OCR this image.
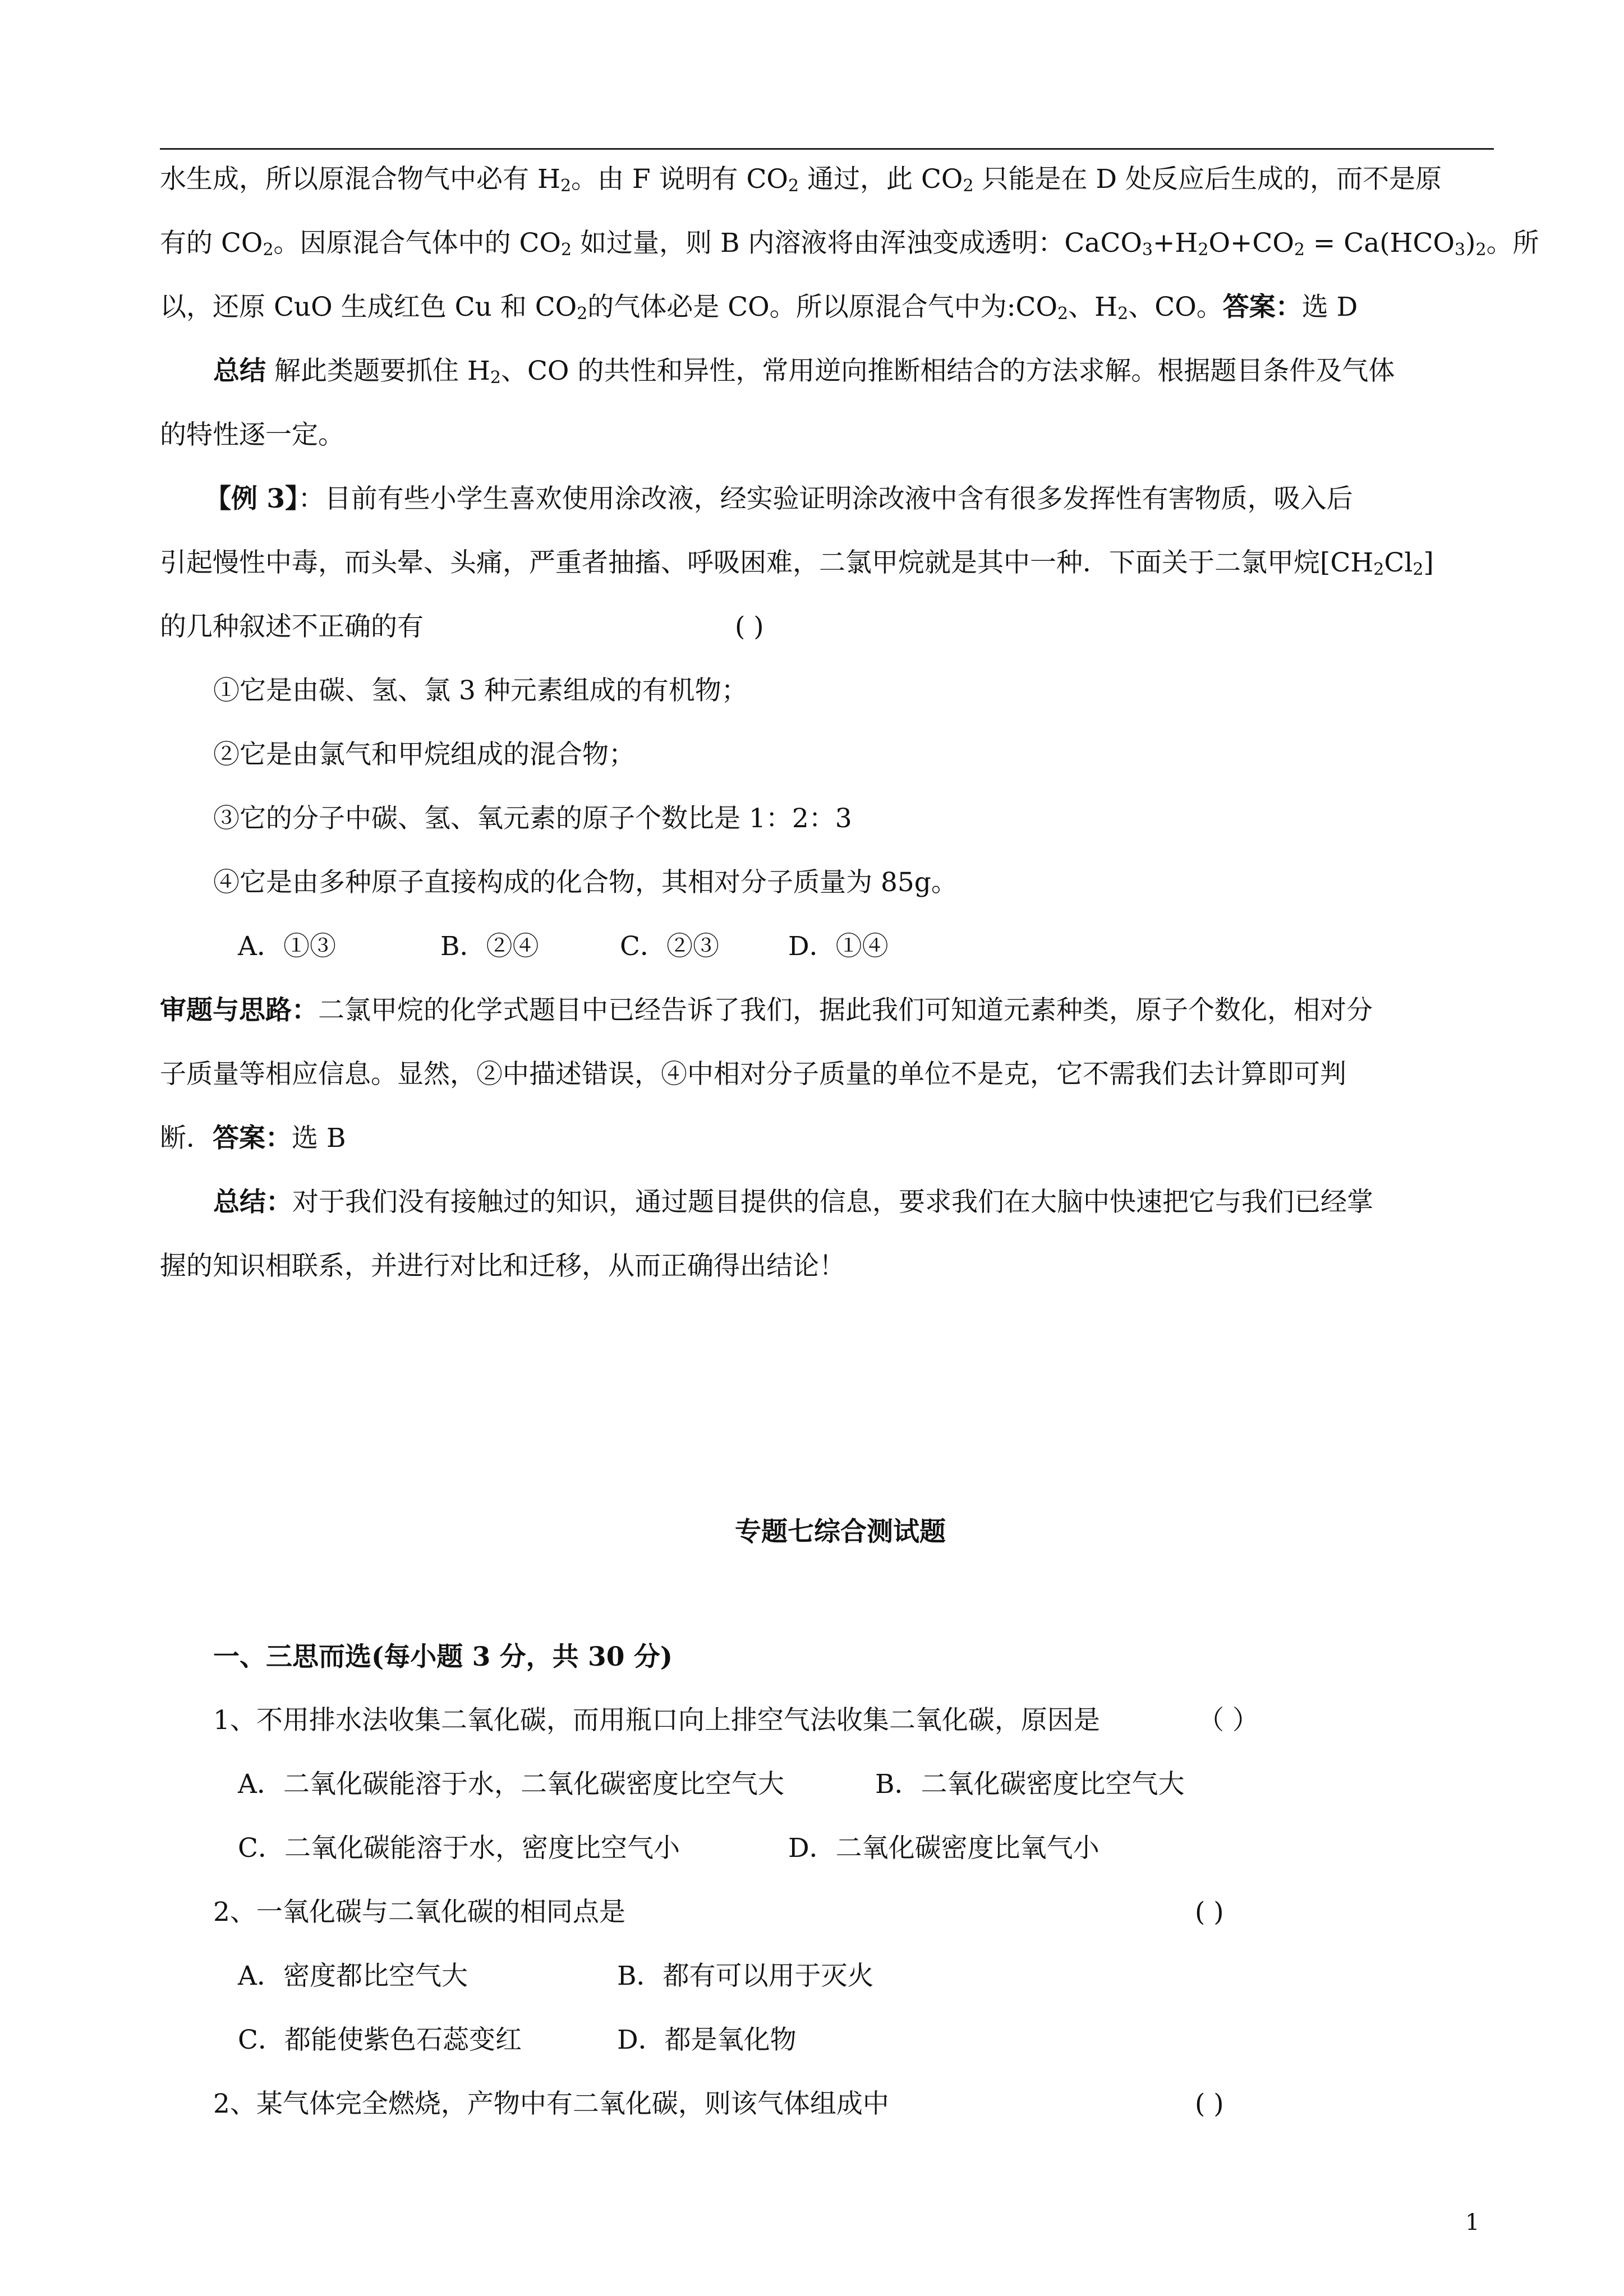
水生成，所以原混合物气中必有 $H_2$。由 F 说明有 $CO_2$ 通过，此 $CO_2$ 只能是在 D 处反应后生成的，而不是原
有的 $CO_2$。因原混合气体中的 $CO_2$ 如过量，则 B 内溶液将由浑浊变成透明：$CaCO_3+H_2O+CO_2 = Ca(HCO_3)_2$。所
以，还原 CuO 生成红色 Cu 和 $CO_2$的气体必是 CO。所以原混合气中为$:CO_2$、$H_2$、CO。答案：选 D
总结 解此类题要抓住 $H_2$、CO 的共性和异性，常用逆向推断相结合的方法求解。根据题目条件及气体
的特性逐一定。
【例 3】：目前有些小学生喜欢使用涂改液，经实验证明涂改液中含有很多发挥性有害物质，吸入后
引起慢性中毒，而头晕、头痛，严重者抽搐、呼吸困难，二氯甲烷就是其中一种．下面关于二氯甲烷$[CH_2Cl_2]$
的几种叙述不正确的有	( )
①它是由碳、氢、氯 3 种元素组成的有机物；
②它是由氯气和甲烷组成的混合物；
③它的分子中碳、氢、氧元素的原子个数比是 1：2：3
④它是由多种原子直接构成的化合物，其相对分子质量为 85g。
A．①③	B．②④	C．②③	D．①④
审题与思路：二氯甲烷的化学式题目中已经告诉了我们，据此我们可知道元素种类，原子个数化，相对分
子质量等相应信息。显然，②中描述错误，④中相对分子质量的单位不是克，它不需我们去计算即可判
断．答案：选 B
总结：对于我们没有接触过的知识，通过题目提供的信息，要求我们在大脑中快速把它与我们已经掌
握的知识相联系，并进行对比和迁移，从而正确得出结论！
专题七综合测试题
一、三思而选(每小题 3 分，共 30 分)
1、不用排水法收集二氧化碳，而用瓶口向上排空气法收集二氧化碳，原因是	（ ）
A．二氧化碳能溶于水，二氧化碳密度比空气大	B．二氧化碳密度比空气大
C．二氧化碳能溶于水，密度比空气小	D．二氧化碳密度比氧气小
2、一氧化碳与二氧化碳的相同点是	( )
A．密度都比空气大	B．都有可以用于灭火
C．都能使紫色石蕊变红	D．都是氧化物
2、某气体完全燃烧，产物中有二氧化碳，则该气体组成中	( )
1
